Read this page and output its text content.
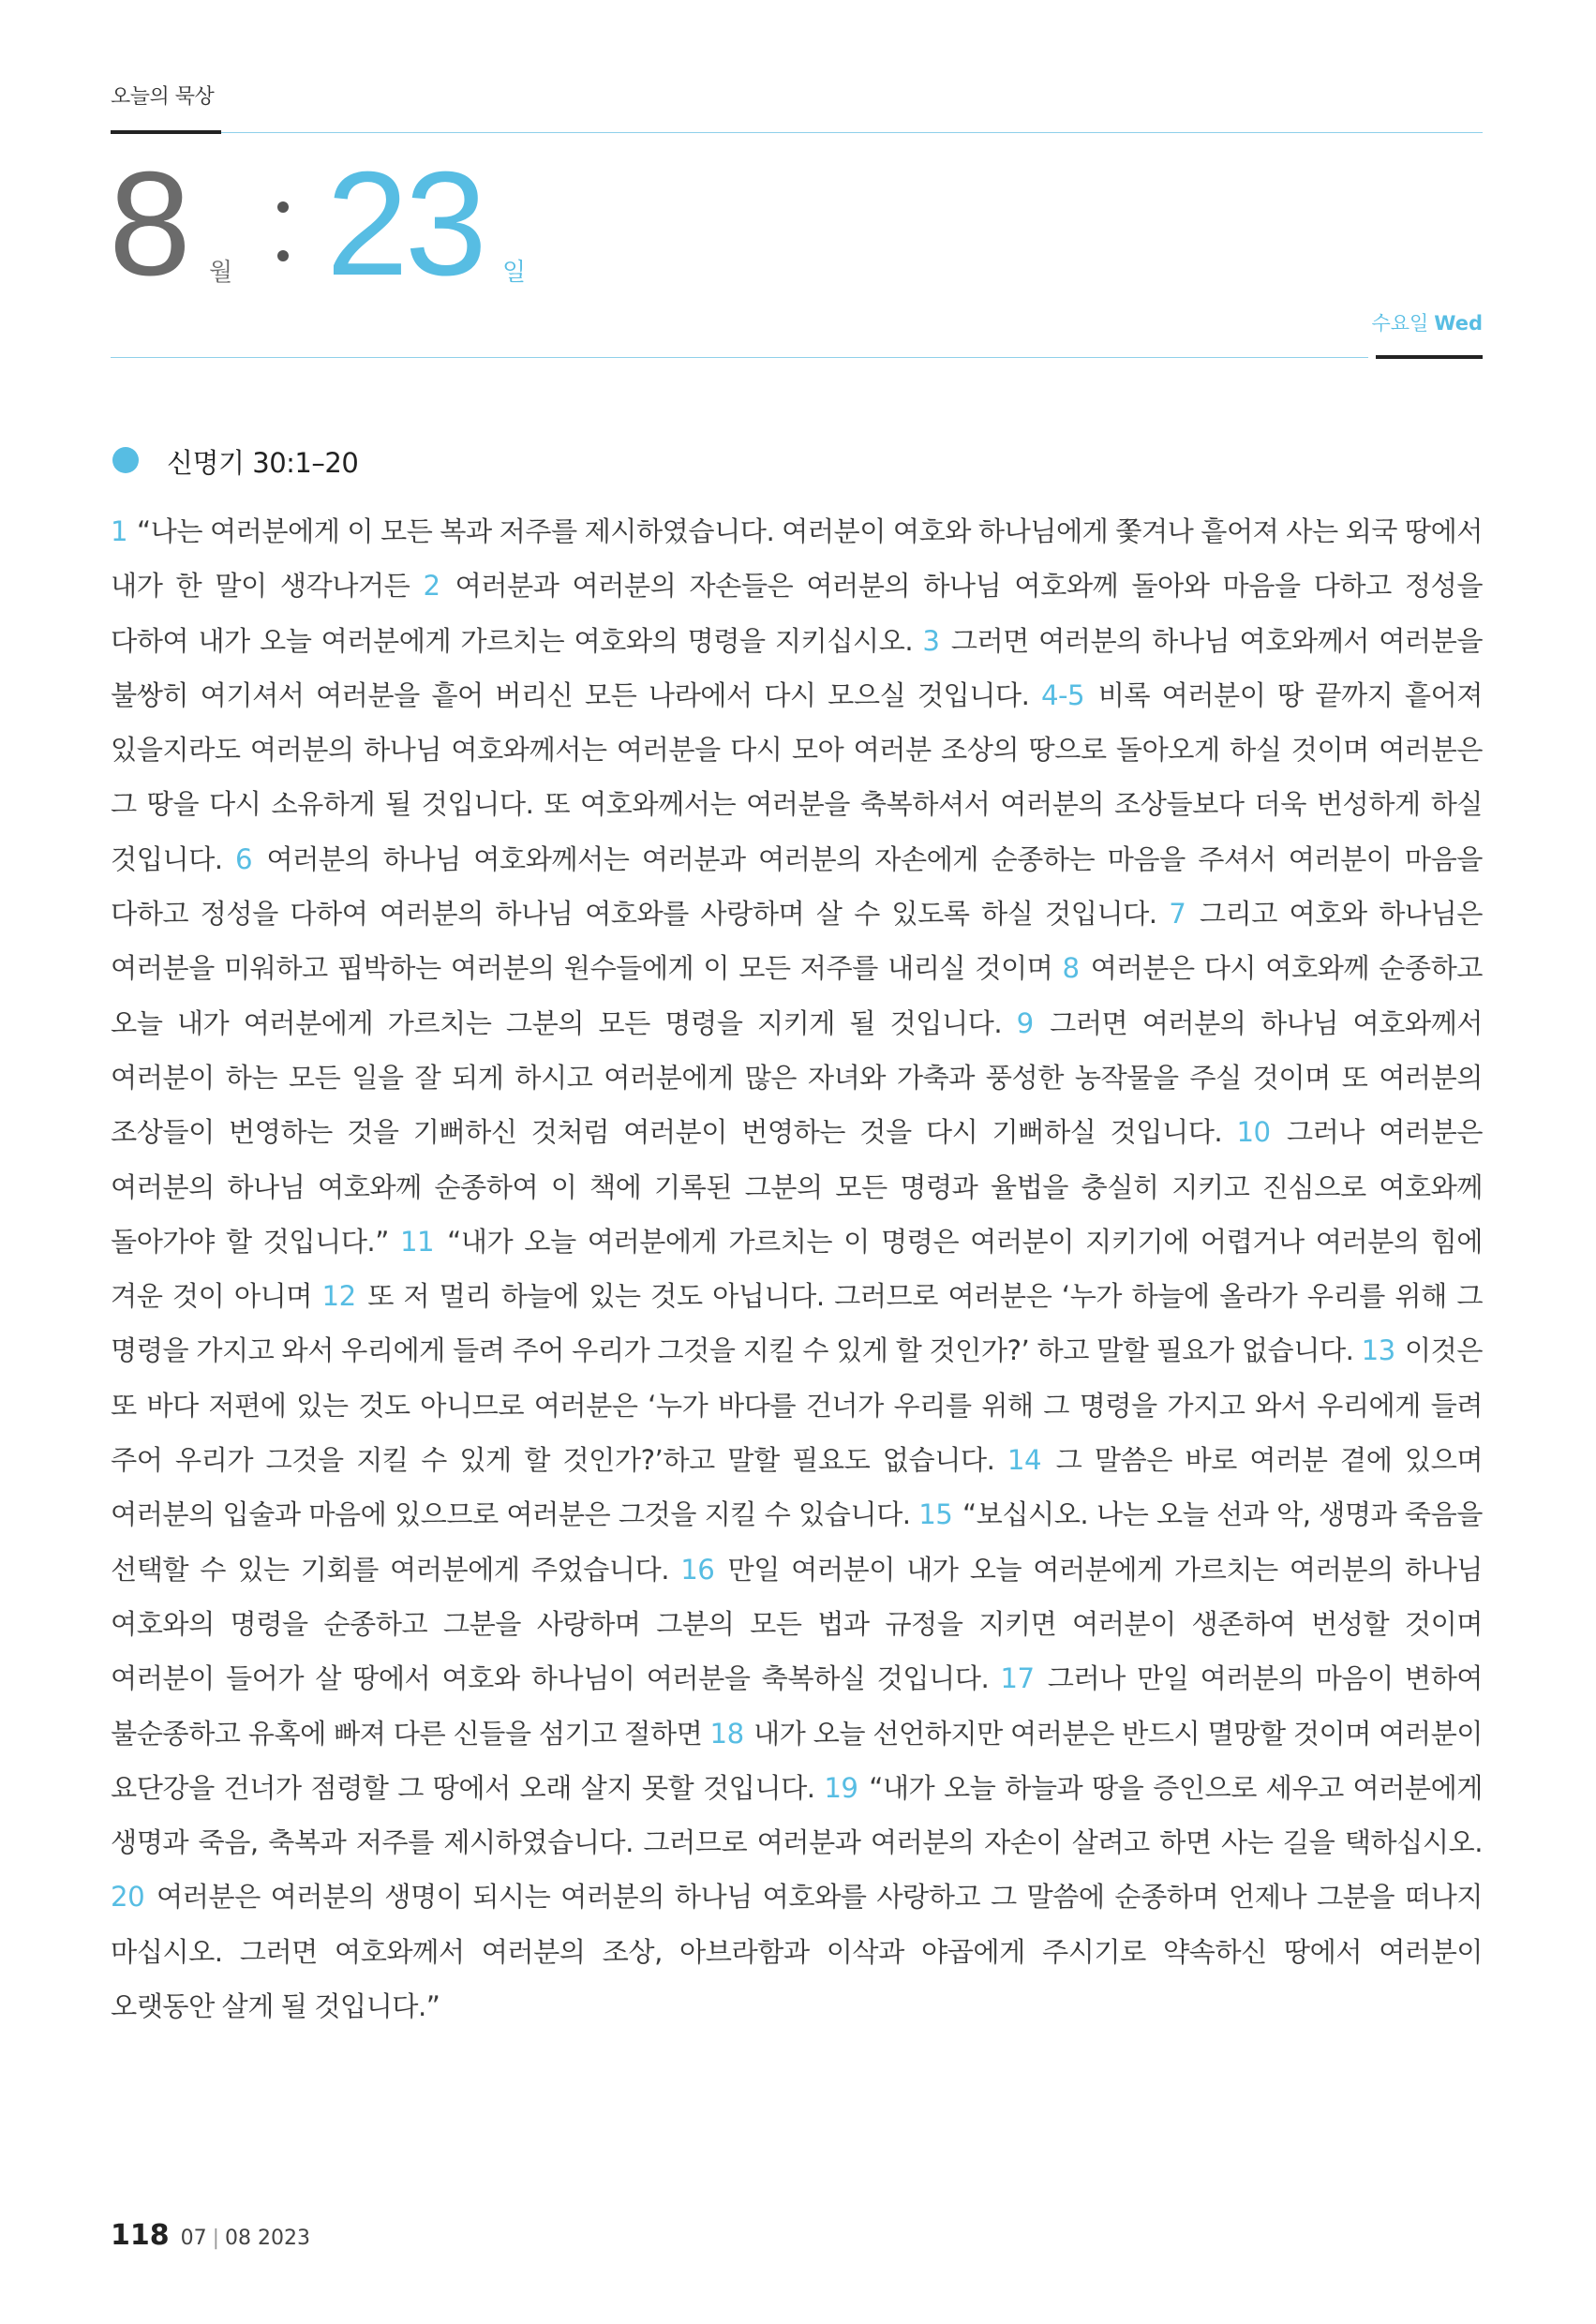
오늘의 묵상
8 월 23 일
수요일 Wed
신명기 30:1–20
1 “나는 여러분에게 이 모든 복과 저주를 제시하였습니다. 여러분이 여호와 하나님에게 쫓겨나 흩어져 사는 외국 땅에서 내가 한 말이 생각나거든 2 여러분과 여러분의 자손들은 여러분의 하나님 여호와께 돌아와 마음을 다하고 정성을 다하여 내가 오늘 여러분에게 가르치는 여호와의 명령을 지키십시오. 3 그러면 여러분의 하나님 여호와께서 여러분을 불쌍히 여기셔서 여러분을 흩어 버리신 모든 나라에서 다시 모으실 것입니다. 4-5 비록 여러분이 땅 끝까지 흩어져 있을지라도 여러분의 하나님 여호와께서는 여러분을 다시 모아 여러분 조상의 땅으로 돌아오게 하실 것이며 여러분은 그 땅을 다시 소유하게 될 것입니다. 또 여호와께서는 여러분을 축복하셔서 여러분의 조상들보다 더욱 번성하게 하실 것입니다. 6 여러분의 하나님 여호와께서는 여러분과 여러분의 자손에게 순종하는 마음을 주셔서 여러분이 마음을 다하고 정성을 다하여 여러분의 하나님 여호와를 사랑하며 살 수 있도록 하실 것입니다. 7 그리고 여호와 하나님은 여러분을 미워하고 핍박하는 여러분의 원수들에게 이 모든 저주를 내리실 것이며 8 여러분은 다시 여호와께 순종하고 오늘 내가 여러분에게 가르치는 그분의 모든 명령을 지키게 될 것입니다. 9 그러면 여러분의 하나님 여호와께서 여러분이 하는 모든 일을 잘 되게 하시고 여러분에게 많은 자녀와 가축과 풍성한 농작물을 주실 것이며 또 여러분의 조상들이 번영하는 것을 기뻐하신 것처럼 여러분이 번영하는 것을 다시 기뻐하실 것입니다. 10 그러나 여러분은 여러분의 하나님 여호와께 순종하여 이 책에 기록된 그분의 모든 명령과 율법을 충실히 지키고 진심으로 여호와께 돌아가야 할 것입니다.” 11 “내가 오늘 여러분에게 가르치는 이 명령은 여러분이 지키기에 어렵거나 여러분의 힘에 겨운 것이 아니며 12 또 저 멀리 하늘에 있는 것도 아닙니다. 그러므로 여러분은 ‘누가 하늘에 올라가 우리를 위해 그 명령을 가지고 와서 우리에게 들려 주어 우리가 그것을 지킬 수 있게 할 것인가?’ 하고 말할 필요가 없습니다. 13 이것은 또 바다 저편에 있는 것도 아니므로 여러분은 ‘누가 바다를 건너가 우리를 위해 그 명령을 가지고 와서 우리에게 들려 주어 우리가 그것을 지킬 수 있게 할 것인가?’하고 말할 필요도 없습니다. 14 그 말씀은 바로 여러분 곁에 있으며 여러분의 입술과 마음에 있으므로 여러분은 그것을 지킬 수 있습니다. 15 “보십시오. 나는 오늘 선과 악, 생명과 죽음을 선택할 수 있는 기회를 여러분에게 주었습니다. 16 만일 여러분이 내가 오늘 여러분에게 가르치는 여러분의 하나님 여호와의 명령을 순종하고 그분을 사랑하며 그분의 모든 법과 규정을 지키면 여러분이 생존하여 번성할 것이며 여러분이 들어가 살 땅에서 여호와 하나님이 여러분을 축복하실 것입니다. 17 그러나 만일 여러분의 마음이 변하여 불순종하고 유혹에 빠져 다른 신들을 섬기고 절하면 18 내가 오늘 선언하지만 여러분은 반드시 멸망할 것이며 여러분이 요단강을 건너가 점령할 그 땅에서 오래 살지 못할 것입니다. 19 “내가 오늘 하늘과 땅을 증인으로 세우고 여러분에게 생명과 죽음, 축복과 저주를 제시하였습니다. 그러므로 여러분과 여러분의 자손이 살려고 하면 사는 길을 택하십시오. 20 여러분은 여러분의 생명이 되시는 여러분의 하나님 여호와를 사랑하고 그 말씀에 순종하며 언제나 그분을 떠나지 마십시오. 그러면 여호와께서 여러분의 조상, 아브라함과 이삭과 야곱에게 주시기로 약속하신 땅에서 여러분이 오랫동안 살게 될 것입니다.”
118 07 | 08 2023
